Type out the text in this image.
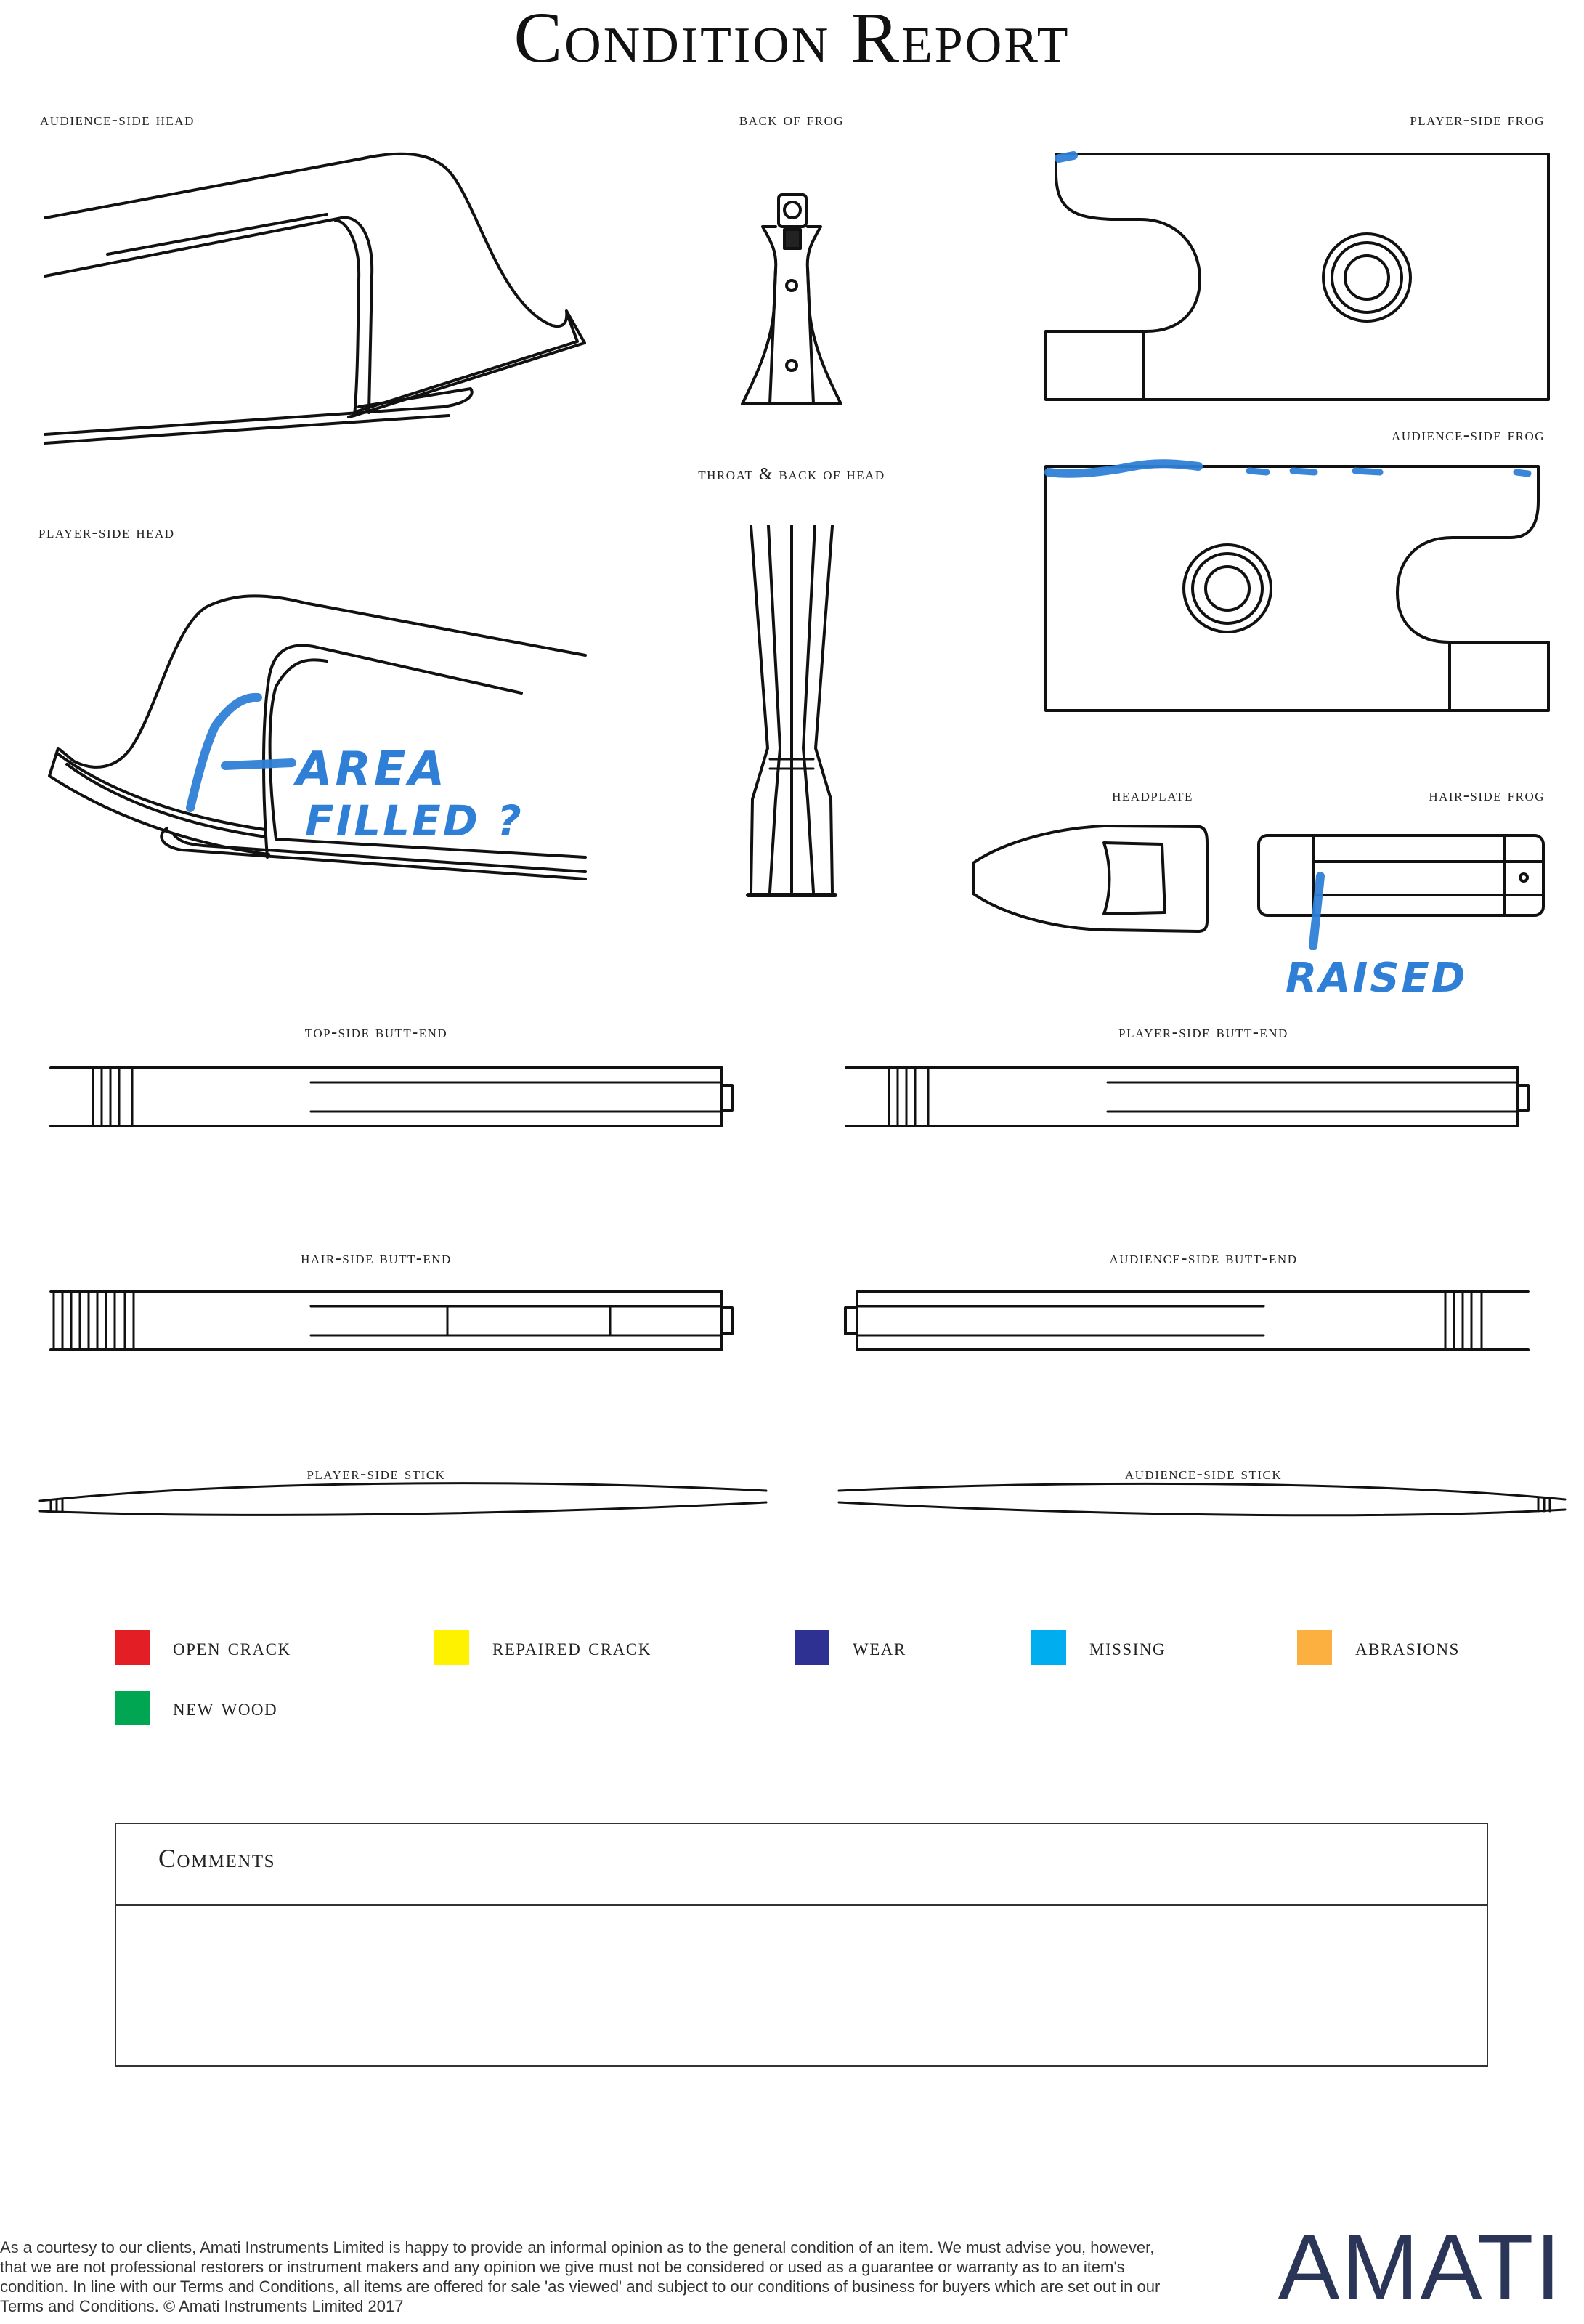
Condition Report
audience-side head	back of frog	player-side frog
throat & back of head
audience-side frog
player-side head
headplate	hair-side frog
top-side butt-end	player-side butt-end
hair-side butt-end	audience-side butt-end
player-side stick	audience-side stick
AREA
FILLED ?
RAISED
open crack	repaired crack	wear	missing	abrasions
new wood
Comments
As a courtesy to our clients, Amati Instruments Limited is happy to provide an informal opinion as to the general condition of an item. We must advise you, however, that we are not professional restorers or instrument makers and any opinion we give must not be considered or used as a guarantee or warranty as to an item's condition. In line with our Terms and Conditions, all items are offered for sale 'as viewed' and subject to our conditions of business for buyers which are set out in our Terms and Conditions. © Amati Instruments Limited 2017	AMATI
